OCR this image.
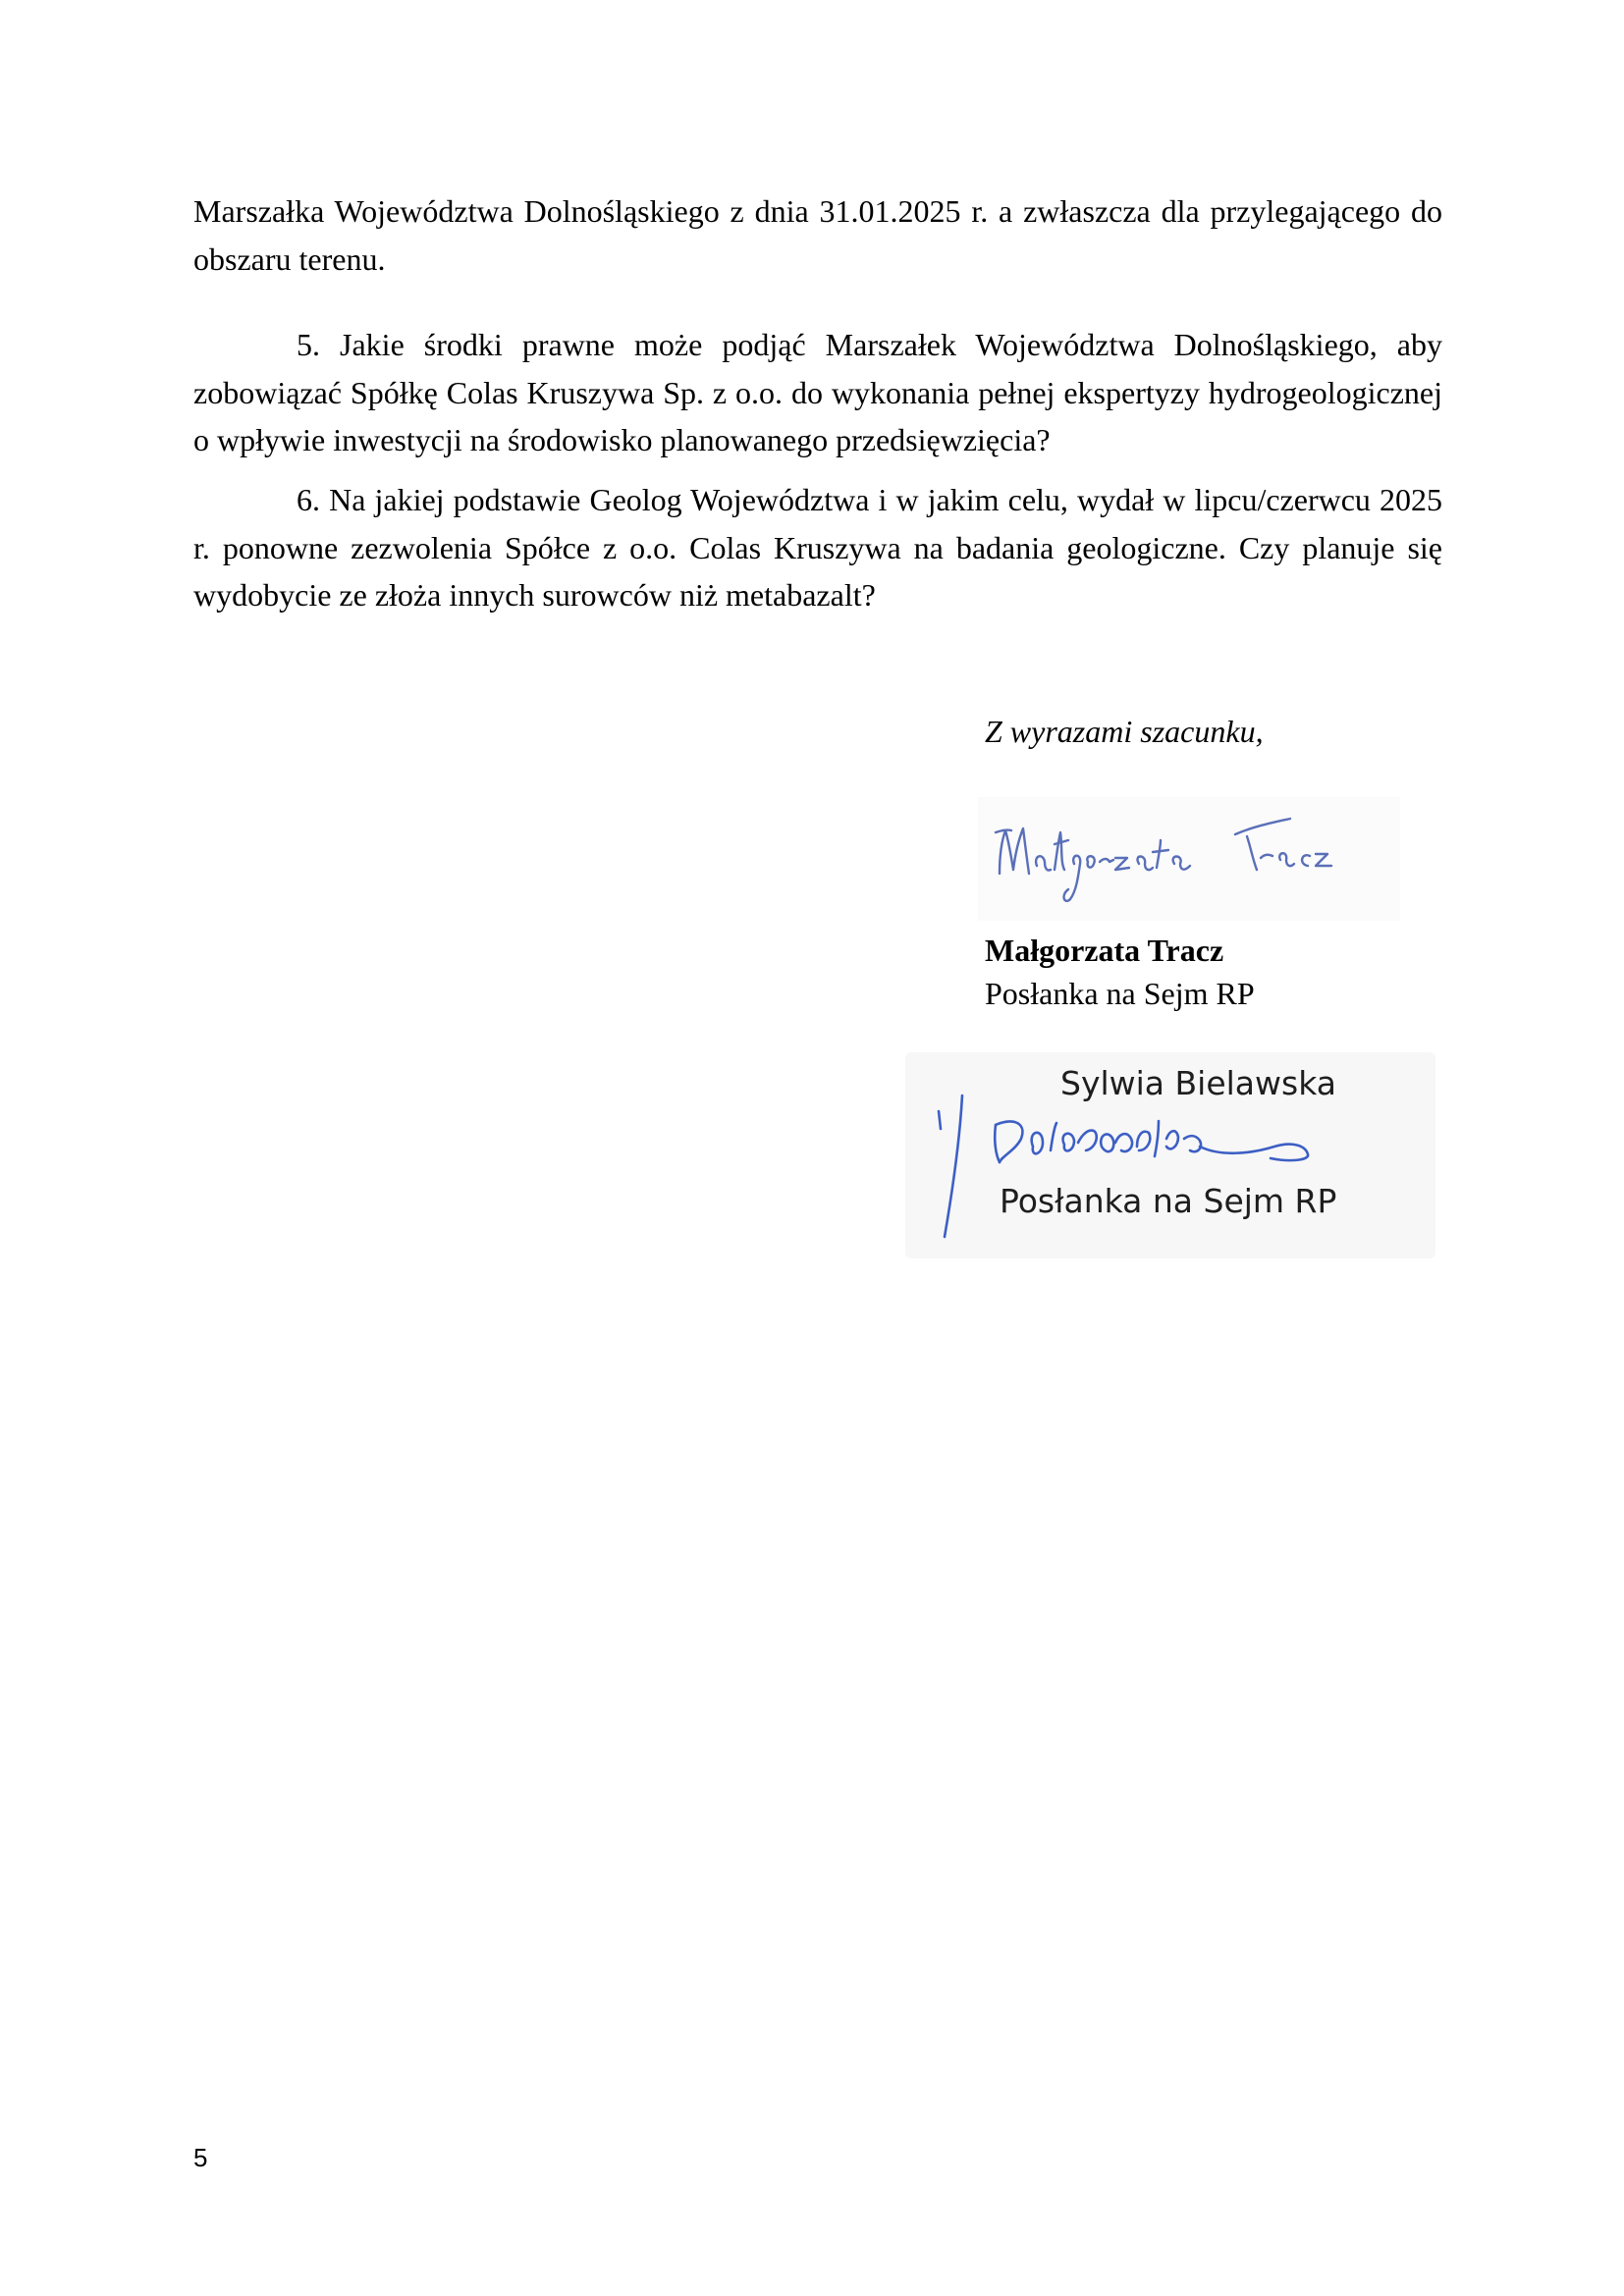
Marszałka Województwa Dolnośląskiego z dnia 31.01.2025 r. a zwłaszcza dla przylegającego do obszaru terenu.

5. Jakie środki prawne może podjąć Marszałek Województwa Dolnośląskiego, aby zobowiązać Spółkę Colas Kruszywa Sp. z o.o. do wykonania pełnej ekspertyzy hydrogeologicznej o wpływie inwestycji na środowisko planowanego przedsięwzięcia?

6. Na jakiej podstawie Geolog Województwa i w jakim celu, wydał w lipcu/czerwcu 2025 r. ponowne zezwolenia Spółce z o.o. Colas Kruszywa na badania geologiczne. Czy planuje się wydobycie ze złoża innych surowców niż metabazalt?

Z wyrazami szacunku,
Małgorzata Tracz
Posłanka na Sejm RP
Sylwia Bielawska
Posłanka na Sejm RP
5
